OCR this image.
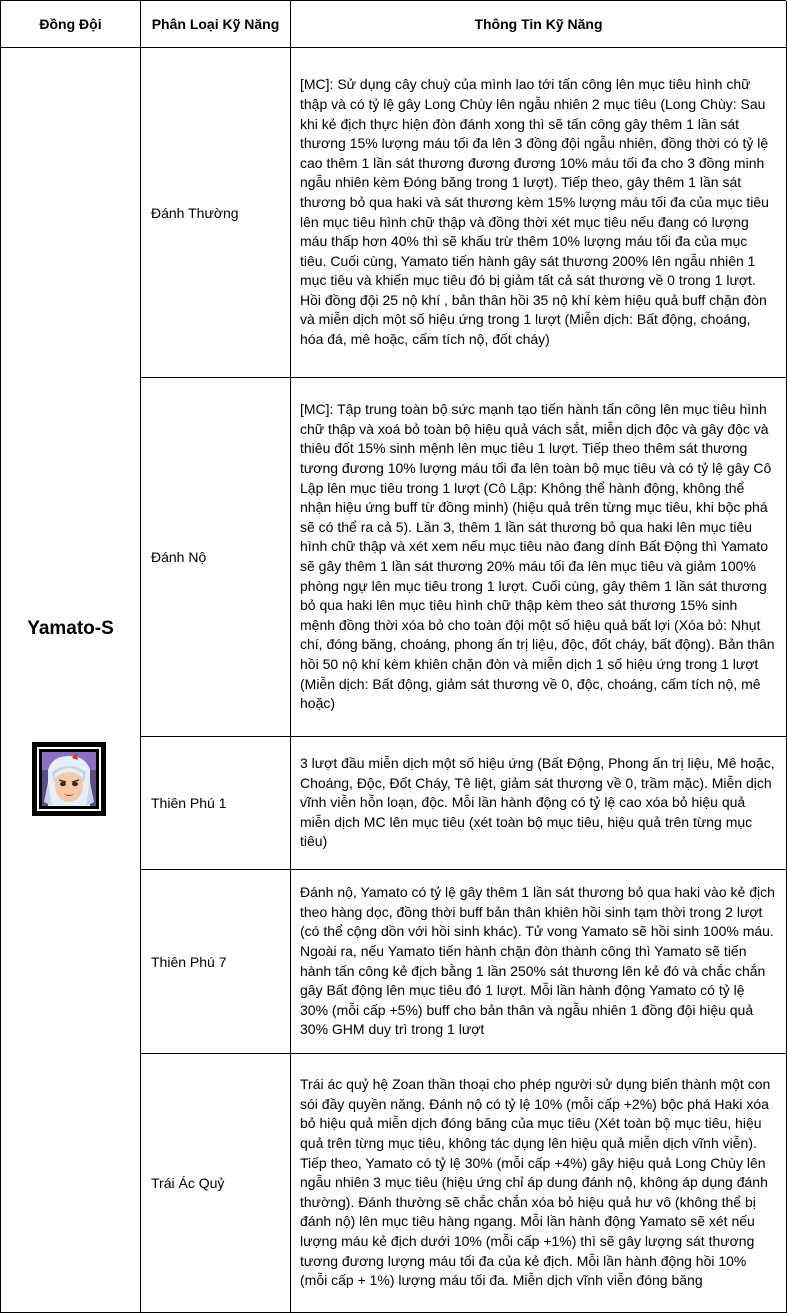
Đồng Đội	Phân Loại Kỹ Năng	Thông Tin Kỹ Năng
Yamato-S
Đánh Thường
[MC]: Sử dụng cây chuỳ của mình lao tới tấn công lên mục tiêu hình chữ thập và có tỷ lệ gây Long Chùy lên ngẫu nhiên 2 mục tiêu (Long Chùy: Sau khi kẻ địch thực hiện đòn đánh xong thì sẽ tấn công gây thêm 1 lần sát thương 15% lượng máu tối đa lên 3 đồng đội ngẫu nhiên, đồng thời có tỷ lệ cao thêm 1 lần sát thương đương đương 10% máu tối đa cho 3 đồng minh ngẫu nhiên kèm Đóng băng trong 1 lượt). Tiếp theo, gây thêm 1 lần sát thương bỏ qua haki và sát thương kèm 15% lượng máu tối đa của mục tiêu lên mục tiêu hình chữ thập và đồng thời xét mục tiêu nếu đang có lượng máu thấp hơn 40% thì sẽ khấu trừ thêm 10% lượng máu tối đa của mục tiêu. Cuối cùng, Yamato tiến hành gây sát thương 200% lên ngẫu nhiên 1 mục tiêu và khiến mục tiêu đó bị giảm tất cả sát thương về 0 trong 1 lượt. Hồi đồng đội 25 nộ khí , bản thân hồi 35 nộ khí kèm hiệu quả buff chặn đòn và miễn dịch một số hiệu ứng trong 1 lượt (Miễn dịch: Bất động, choáng, hóa đá, mê hoặc, cấm tích nộ, đốt cháy)
Đánh Nộ
[MC]: Tập trung toàn bộ sức mạnh tạo tiến hành tấn công lên mục tiêu hình chữ thập và xoá bỏ toàn bộ hiệu quả vách sắt, miễn dịch độc và gây độc và thiêu đốt 15% sinh mệnh lên mục tiêu 1 lượt. Tiếp theo thêm sát thương tương đương 10% lượng máu tối đa lên toàn bộ mục tiêu và có tỷ lệ gây Cô Lập lên mục tiêu trong 1 lượt (Cô Lập: Không thể hành động, không thể nhận hiệu ứng buff từ đồng minh) (hiệu quả trên từng mục tiêu, khi bộc phá sẽ có thể ra cả 5). Lần 3, thêm 1 lần sát thương bỏ qua haki lên mục tiêu hình chữ thập và xét xem nếu mục tiêu nào đang dính Bất Động thì Yamato sẽ gây thêm 1 lần sát thương 20% máu tối đa lên mục tiêu và giảm 100% phòng ngự lên mục tiêu trong 1 lượt. Cuối cùng, gây thêm 1 lần sát thương bỏ qua haki lên mục tiêu hình chữ thập kèm theo sát thương 15% sinh mệnh đồng thời xóa bỏ cho toàn đội một số hiệu quả bất lợi (Xóa bỏ: Nhụt chí, đóng băng, choáng, phong ấn trị liệu, độc, đốt cháy, bất động). Bản thân hồi 50 nộ khí kèm khiên chặn đòn và miễn dịch 1 số hiệu ứng trong 1 lượt (Miễn dịch: Bất động, giảm sát thương về 0, độc, choáng, cấm tích nộ, mê hoặc)
Thiên Phú 1
3 lượt đầu miễn dịch một số hiệu ứng (Bất Động, Phong ấn trị liệu, Mê hoặc, Choáng, Độc, Đốt Cháy, Tê liệt, giảm sát thương về 0, trầm mặc). Miễn dịch vĩnh viễn hỗn loạn, độc. Mỗi lần hành động có tỷ lệ cao xóa bỏ hiệu quả miễn dịch MC lên mục tiêu (xét toàn bộ mục tiêu, hiệu quả trên từng mục tiêu)
Thiên Phú 7
Đánh nộ, Yamato có tỷ lệ gây thêm 1 lần sát thương bỏ qua haki vào kẻ địch theo hàng dọc, đồng thời buff bản thân khiên hồi sinh tạm thời trong 2 lượt (có thể cộng dồn với hồi sinh khác). Tử vong Yamato sẽ hồi sinh 100% máu. Ngoài ra, nếu Yamato tiến hành chặn đòn thành công thì Yamato sẽ tiến hành tấn công kẻ địch bằng 1 lần 250% sát thương lên kẻ đó và chắc chắn gây Bất động lên mục tiêu đó 1 lượt. Mỗi lần hành động Yamato có tỷ lệ 30% (mỗi cấp +5%) buff cho bản thân và ngẫu nhiên 1 đồng đội hiệu quả 30% GHM duy trì trong 1 lượt
Trái Ác Quỷ
Trái ác quỷ hệ Zoan thần thoại cho phép người sử dụng biến thành một con sói đầy quyền năng. Đánh nộ có tỷ lệ 10% (mỗi cấp +2%) bộc phá Haki xóa bỏ hiệu quả miễn dịch đóng băng của mục tiêu (Xét toàn bộ mục tiêu, hiệu quả trên từng mục tiêu, không tác dụng lên hiệu quả miễn dịch vĩnh viễn). Tiếp theo, Yamato có tỷ lệ 30% (mỗi cấp +4%) gây hiệu quả Long Chùy lên ngẫu nhiên 3 mục tiêu (hiệu ứng chỉ áp dung đánh nộ, không áp dụng đánh thường). Đánh thường sẽ chắc chắn xóa bỏ hiệu quả hư vô (không thể bị đánh nộ) lên mục tiêu hàng ngang. Mỗi lần hành động Yamato sẽ xét nếu lượng máu kẻ địch dưới 10% (mỗi cấp +1%) thì sẽ gây lượng sát thương tương đương lượng máu tối đa của kẻ địch. Mỗi lần hành động hồi 10% (mỗi cấp + 1%) lượng máu tối đa. Miễn dịch vĩnh viễn đóng băng
